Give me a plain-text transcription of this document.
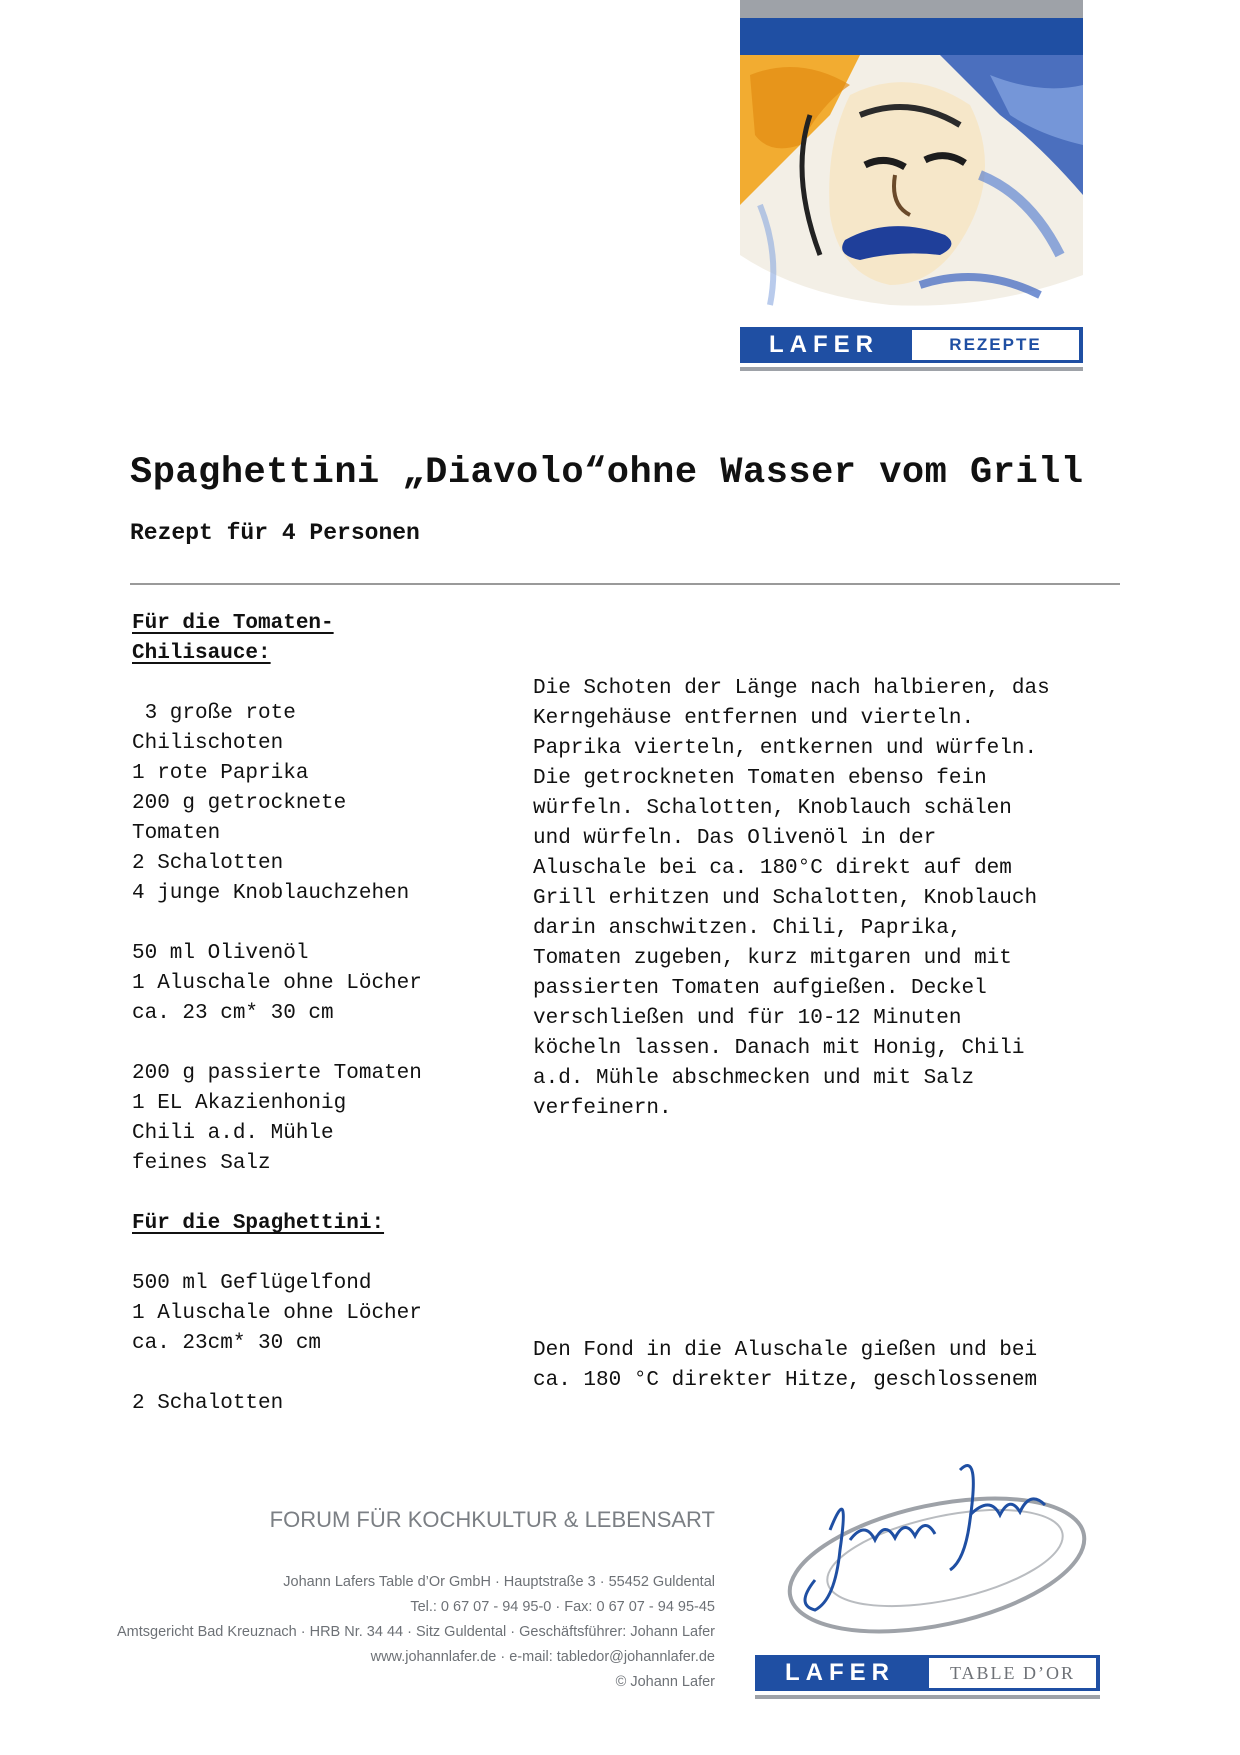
LAFER	REZEPTE
Spaghettini „Diavolo“ohne Wasser vom Grill
Rezept für 4 Personen
Für die Tomaten-
Chilisauce:
3 große rote
Chilischoten
1 rote Paprika
200 g getrocknete
Tomaten
2 Schalotten
4 junge Knoblauchzehen

50 ml Olivenöl
1 Aluschale ohne Löcher
ca. 23 cm* 30 cm

200 g passierte Tomaten
1 EL Akazienhonig
Chili a.d. Mühle
feines Salz
Die Schoten der Länge nach halbieren, das
Kerngehäuse entfernen und vierteln.
Paprika vierteln, entkernen und würfeln.
Die getrockneten Tomaten ebenso fein
würfeln. Schalotten, Knoblauch schälen
und würfeln. Das Olivenöl in der
Aluschale bei ca. 180°C direkt auf dem
Grill erhitzen und Schalotten, Knoblauch
darin anschwitzen. Chili, Paprika,
Tomaten zugeben, kurz mitgaren und mit
passierten Tomaten aufgießen. Deckel
verschließen und für 10-12 Minuten
köcheln lassen. Danach mit Honig, Chili
a.d. Mühle abschmecken und mit Salz
verfeinern.
Für die Spaghettini:
500 ml Geflügelfond
1 Aluschale ohne Löcher
ca. 23cm* 30 cm

2 Schalotten
Den Fond in die Aluschale gießen und bei
ca. 180 °C direkter Hitze, geschlossenem
FORUM FÜR KOCHKULTUR & LEBENSART
Johann Lafers Table d’Or GmbH · Hauptstraße 3 · 55452 Guldental
Tel.: 0 67 07 - 94 95-0 · Fax: 0 67 07 - 94 95-45
Amtsgericht Bad Kreuznach · HRB Nr. 34 44 · Sitz Guldental · Geschäftsführer: Johann Lafer
www.johannlafer.de · e-mail: tabledor@johannlafer.de
© Johann Lafer	LAFER	TABLE D’OR
